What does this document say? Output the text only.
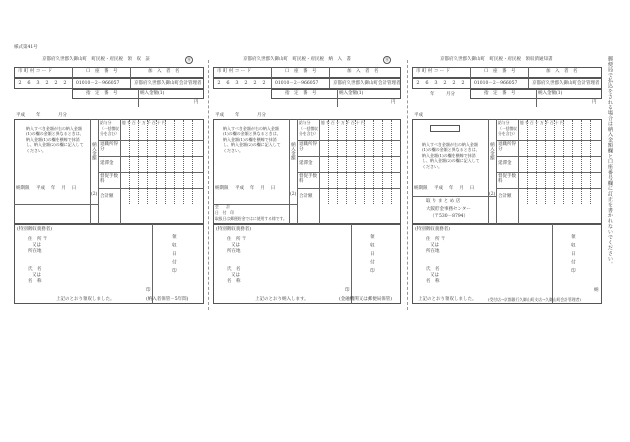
様式第41号
京都府久世郡久御山町　町民税・府民税　 領　収　証	㊞
市 町 村 コ ー ド	口　座　番　号	加　入　者　名
2	6	3	2	2	2	01010－2－966057	京都府久世郡久御山町会計管理者
指　定　番　号	納入金額(1)
円
平成 年	月分
納入すべき金額が右の納入金額(1)の欄の金額と異なるときは、納入金額(1)の欄を横線で抹消し、納入金額(2)の欄に記入してください。	納入金額
(2)
給与分
（一括徴収分を含む）
億 千 百 十 万 千 百 十 円
退職所得分
延滞金
督促手数料
合計額
納期限 平成　 年　 月　 日
(特別徴収義務者)
住　所 〒
又は
所在地
氏　名
又は
名　称
印
領収日付印
上記のとおり領収しました。	(納入者保管－5年間)
京都府久世郡久御山町　町民税・府民税　 納　入　書	㊞
市 町 村 コ ー ド	口　座　番　号	加　入　者　名
2	6	3	2	2	2	01010－2－966057	京都府久世郡久御山町会計管理者
指　定　番　号	納入金額(1)
円
平成 年	月分
納入すべき金額が右の納入金額(1)の欄の金額と異なるときは、納入金額(1)の欄を横線で抹消し、納入金額(2)の欄に記入してください。	納入金額
(2)
給与分
（一括徴収分を含む）
億 千 百 十 万 千 百 十 円
退職所得分
延滞金
督促手数料
合計額
納期限 平成　 年　 月　 日
会　　計
日　付　印
取扱日は郵便貯金ではに使用する様です。
(特別徴収義務者)
住　所 〒
又は
所在地
氏　名
又は
名　称
印
領収日付印
上記のとおり納入します。	(金融機関又は郵便局保管)
京都府久世郡久御山町　町民税・府民税　 領収済通知書
市 町 村 コ ー ド	口　座　番　号	加　入　者　名
2	6	3	2	2	2	01010－2－966057	京都府久世郡久御山町会計管理者
指　定　番　号	納入金額(1)
円
年	月分
平成
納入すべき金額が右の納入金額(1)の欄の金額と異なるときは、納入金額(1)の欄を横線で抹消し、納入金額(2)の欄に記入してください。
納入金額
(2)
給与分
（一括徴収分を含む）
億 千 百 十 万 千 百 十 円
退職所得分
延滞金
督促手数料
合計額
納期限 平成　 年　 月　 日
取 り ま と め 店
大阪貯金事務センター
（〒530－8794）
(特別徴収義務者)
住　所 〒
又は
所在地
氏　名
又は
名　称
納
領収日付印
上記のとおり領収しました。	(受付店→京都銀行久御山町支店→久御山町会計管理者)
郵便局で払込をされる場合は納入金額欄と口座番号欄に訂正を書かれないでください。
